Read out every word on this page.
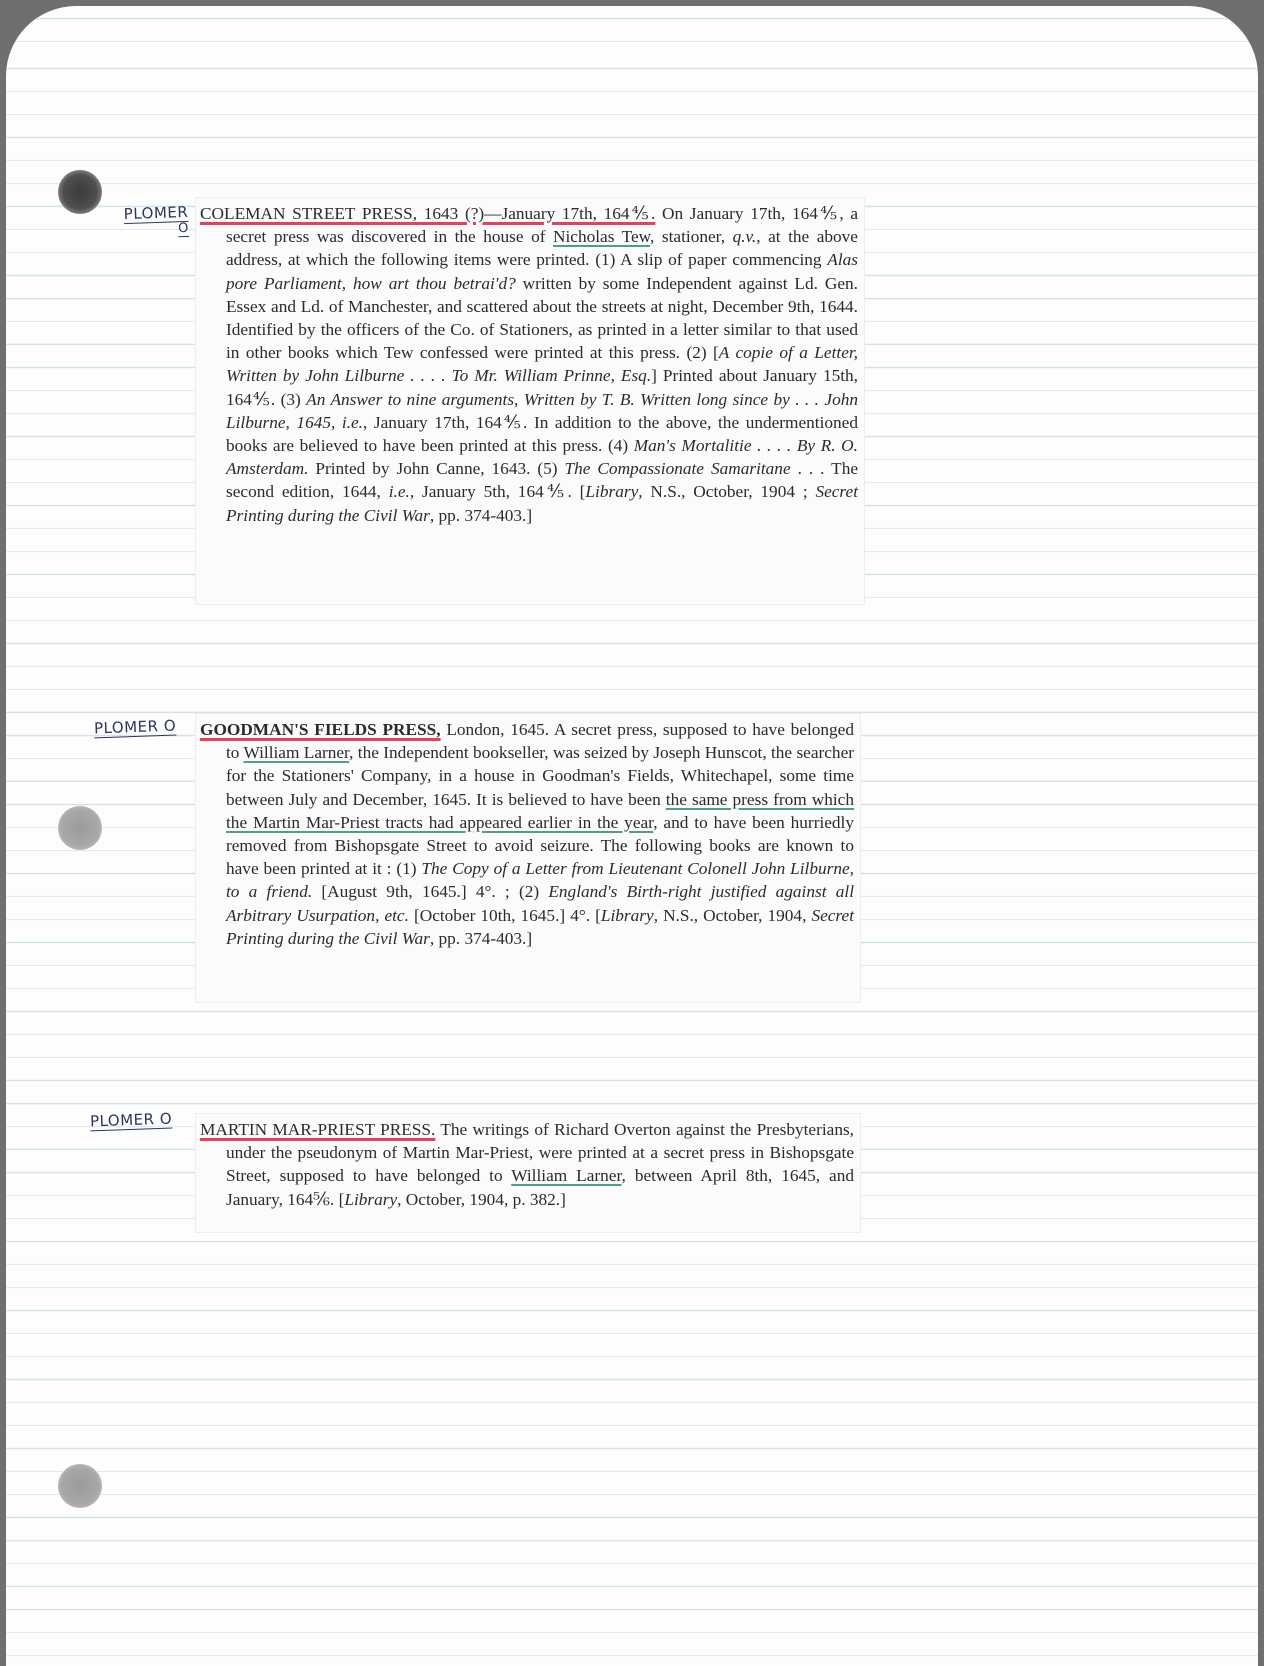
PLOMER
O
PLOMER O
PLOMER O

COLEMAN STREET PRESS, 1643 (?)—January 17th, 164⅘. On January 17th, 164⅘, a secret press was discovered in the house of Nicholas Tew, stationer, q.v., at the above address, at which the following items were printed. (1) A slip of paper commencing Alas pore Parliament, how art thou betrai'd? written by some Independent against Ld. Gen. Essex and Ld. of Manchester, and scattered about the streets at night, December 9th, 1644. Identified by the officers of the Co. of Stationers, as printed in a letter similar to that used in other books which Tew confessed were printed at this press. (2) [A copie of a Letter, Written by John Lilburne . . . . To Mr. William Prinne, Esq.] Printed about January 15th, 164⅘. (3) An Answer to nine arguments, Written by T. B. Written long since by . . . John Lilburne, 1645, i.e., January 17th, 164⅘. In addition to the above, the undermentioned books are believed to have been printed at this press. (4) Man's Mortalitie . . . . By R. O. Amsterdam. Printed by John Canne, 1643. (5) The Compassionate Samaritane . . . The second edition, 1644, i.e., January 5th, 164⅘. [Library, N.S., October, 1904 ; Secret Printing during the Civil War, pp. 374-403.]

GOODMAN'S FIELDS PRESS, London, 1645. A secret press, supposed to have belonged to William Larner, the Independent bookseller, was seized by Joseph Hunscot, the searcher for the Stationers' Company, in a house in Goodman's Fields, Whitechapel, some time between July and December, 1645. It is believed to have been the same press from which the Martin Mar-Priest tracts had appeared earlier in the year, and to have been hurriedly removed from Bishopsgate Street to avoid seizure. The following books are known to have been printed at it : (1) The Copy of a Letter from Lieutenant Colonell John Lilburne, to a friend. [August 9th, 1645.] 4°. ; (2) England's Birth-right justified against all Arbitrary Usurpation, etc. [October 10th, 1645.] 4°. [Library, N.S., October, 1904, Secret Printing during the Civil War, pp. 374-403.]

MARTIN MAR-PRIEST PRESS. The writings of Richard Overton against the Presbyterians, under the pseudonym of Martin Mar-Priest, were printed at a secret press in Bishopsgate Street, supposed to have belonged to William Larner, between April 8th, 1645, and January, 164⅚. [Library, October, 1904, p. 382.]
